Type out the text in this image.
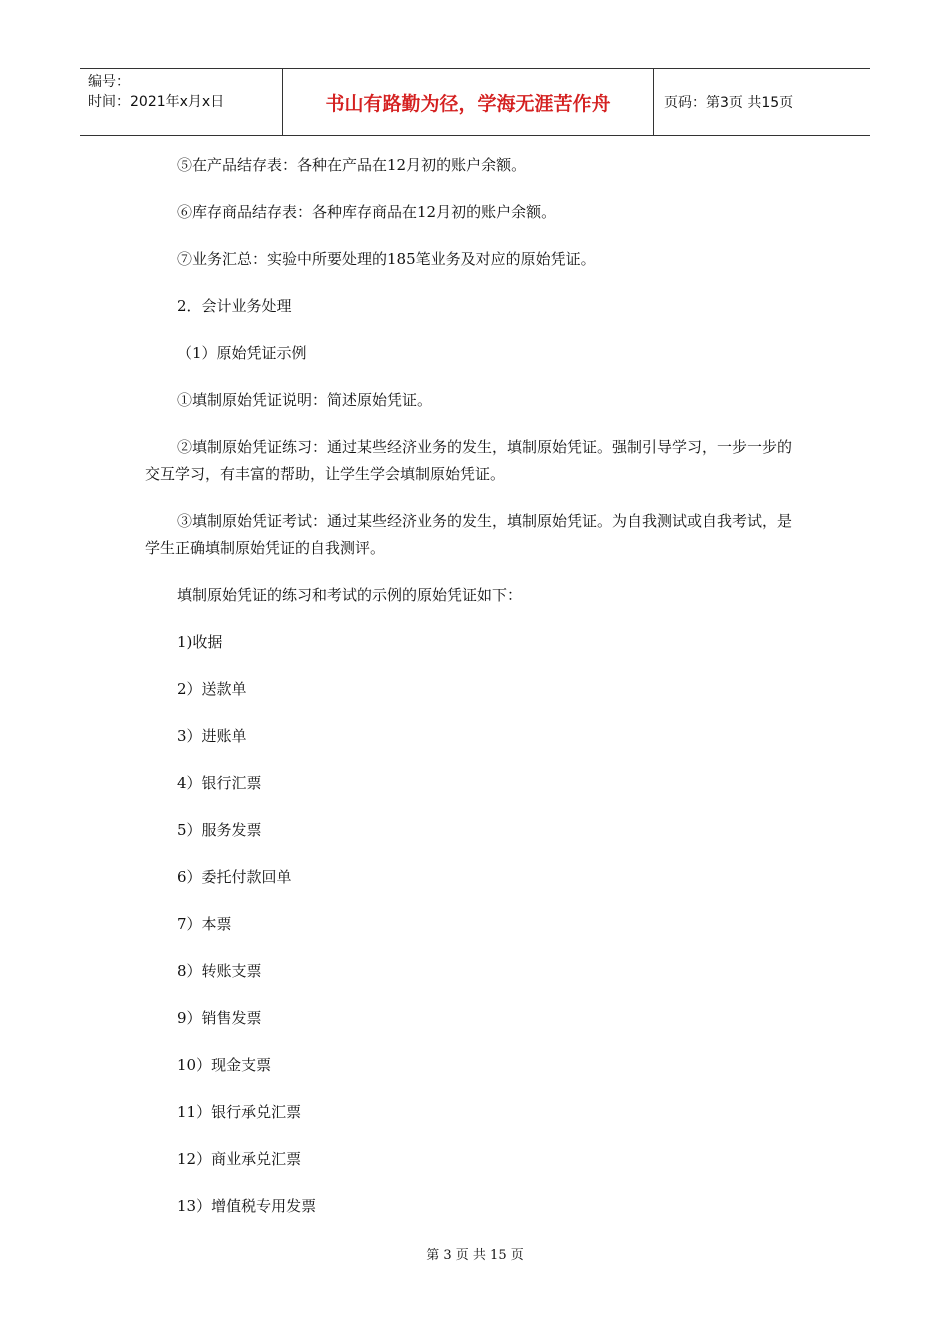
编号：
时间：2021年x月x日	书山有路勤为径，学海无涯苦作舟	页码：第3页 共15页

⑤在产品结存表：各种在产品在12月初的账户余额。

⑥库存商品结存表：各种库存商品在12月初的账户余额。

⑦业务汇总：实验中所要处理的185笔业务及对应的原始凭证。

2．会计业务处理

（1）原始凭证示例

①填制原始凭证说明：简述原始凭证。

②填制原始凭证练习：通过某些经济业务的发生，填制原始凭证。强制引导学习，一步一步的交互学习，有丰富的帮助，让学生学会填制原始凭证。

③填制原始凭证考试：通过某些经济业务的发生，填制原始凭证。为自我测试或自我考试，是学生正确填制原始凭证的自我测评。

填制原始凭证的练习和考试的示例的原始凭证如下：

1)收据

2）送款单

3）进账单

4）银行汇票

5）服务发票

6）委托付款回单

7）本票

8）转账支票

9）销售发票

10）现金支票

11）银行承兑汇票

12）商业承兑汇票

13）增值税专用发票

第 3 页 共 15 页
